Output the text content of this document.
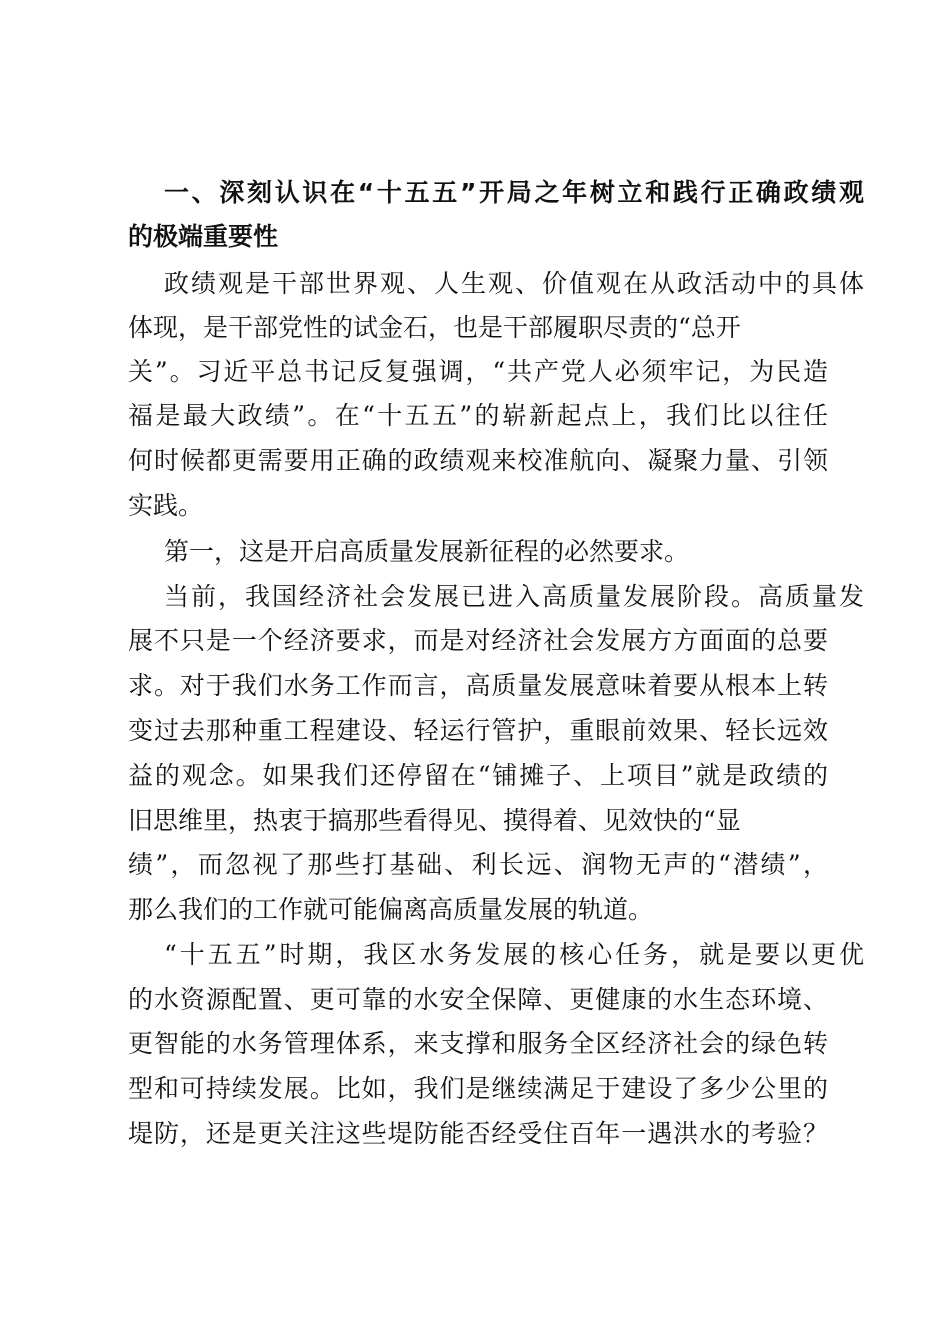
一、深刻认识在“十五五”开局之年树立和践行正确政绩观
的极端重要性
政绩观是干部世界观、人生观、价值观在从政活动中的具体
体现，是干部党性的试金石，也是干部履职尽责的“总开
关”。习近平总书记反复强调，“共产党人必须牢记，为民造
福是最大政绩”。在“十五五”的崭新起点上，我们比以往任
何时候都更需要用正确的政绩观来校准航向、凝聚力量、引领
实践。
第一，这是开启高质量发展新征程的必然要求。
当前，我国经济社会发展已进入高质量发展阶段。高质量发
展不只是一个经济要求，而是对经济社会发展方方面面的总要
求。对于我们水务工作而言，高质量发展意味着要从根本上转
变过去那种重工程建设、轻运行管护，重眼前效果、轻长远效
益的观念。如果我们还停留在“铺摊子、上项目”就是政绩的
旧思维里，热衷于搞那些看得见、摸得着、见效快的“显
绩”，而忽视了那些打基础、利长远、润物无声的“潜绩”，
那么我们的工作就可能偏离高质量发展的轨道。
“十五五”时期，我区水务发展的核心任务，就是要以更优
的水资源配置、更可靠的水安全保障、更健康的水生态环境、
更智能的水务管理体系，来支撑和服务全区经济社会的绿色转
型和可持续发展。比如，我们是继续满足于建设了多少公里的
堤防，还是更关注这些堤防能否经受住百年一遇洪水的考验？
